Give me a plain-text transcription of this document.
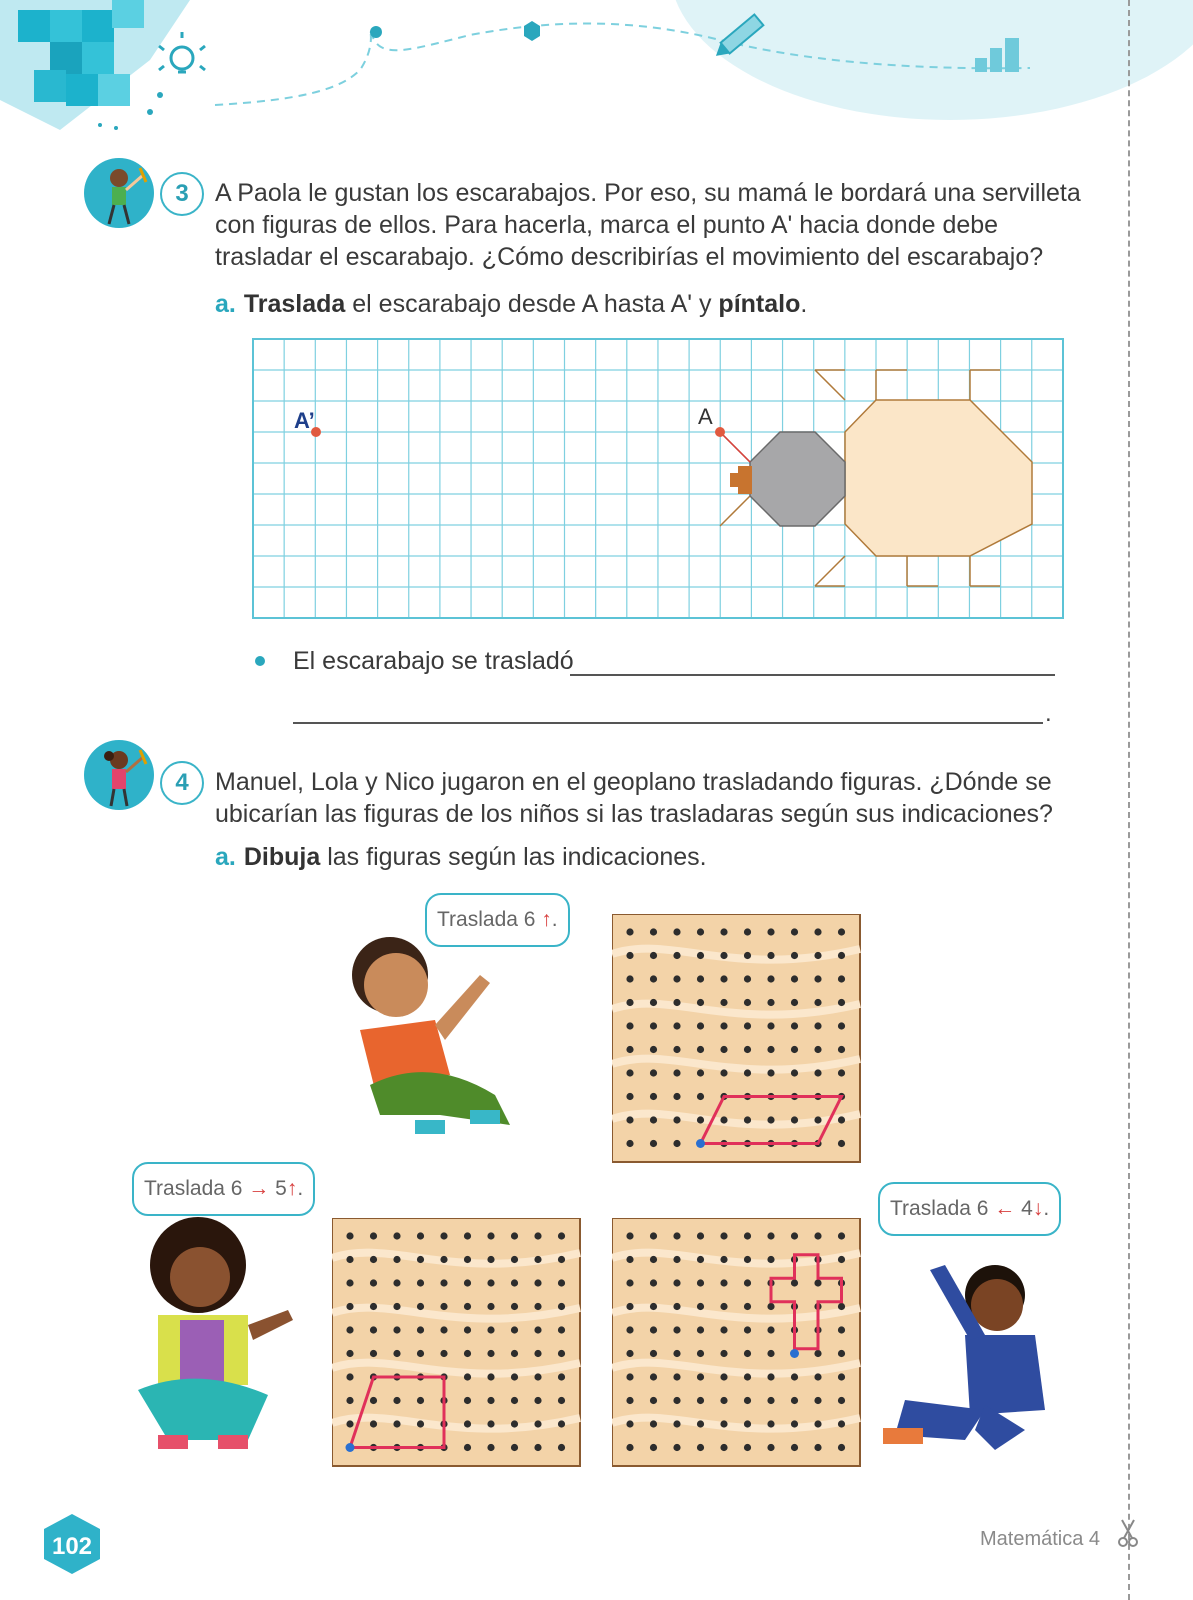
3	A Paola le gustan los escarabajos. Por eso, su mamá le bordará una servilleta
con figuras de ellos. Para hacerla, marca el punto A' hacia donde debe
trasladar el escarabajo. ¿Cómo describirías el movimiento del escarabajo?
a. Traslada el escarabajo desde A hasta A' y píntalo.
A’	A
El escarabajo se trasladó
.
4	Manuel, Lola y Nico jugaron en el geoplano trasladando figuras. ¿Dónde se
ubicarían las figuras de los niños si las trasladaras según sus indicaciones?
a. Dibuja las figuras según las indicaciones.
Traslada 6 ↑.
Traslada 6 → 5↑.
Traslada 6 ← 4↓.
102	Matemática 4
